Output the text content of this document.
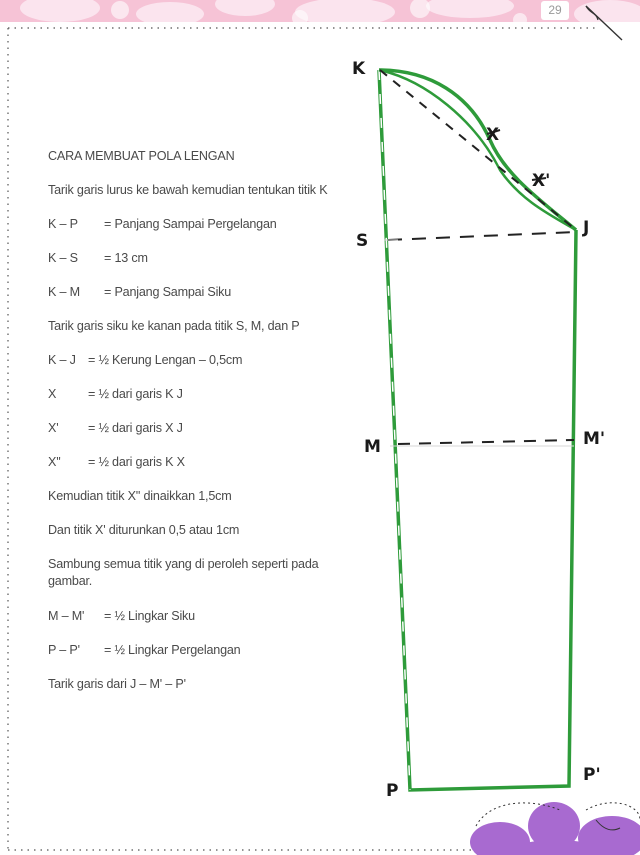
29
CARA MEMBUAT POLA LENGAN
Tarik garis lurus ke bawah kemudian tentukan titik K
K – P = Panjang Sampai Pergelangan
K – S = 13 cm
K – M = Panjang Sampai Siku
Tarik garis siku ke kanan pada titik S, M, dan P
K – J = ½ Kerung Lengan – 0,5cm
X	= ½ dari garis K J
X' = ½ dari garis X J
X'' = ½ dari garis K X
Kemudian titik X'' dinaikkan 1,5cm
Dan titik X' diturunkan 0,5 atau 1cm
Sambung semua titik yang di peroleh seperti pada gambar.
M – M' = ½ Lingkar Siku
P – P' = ½ Lingkar Pergelangan
Tarik garis dari J – M' – P'
K
S
M
P
J
M'
P'
X
X'
